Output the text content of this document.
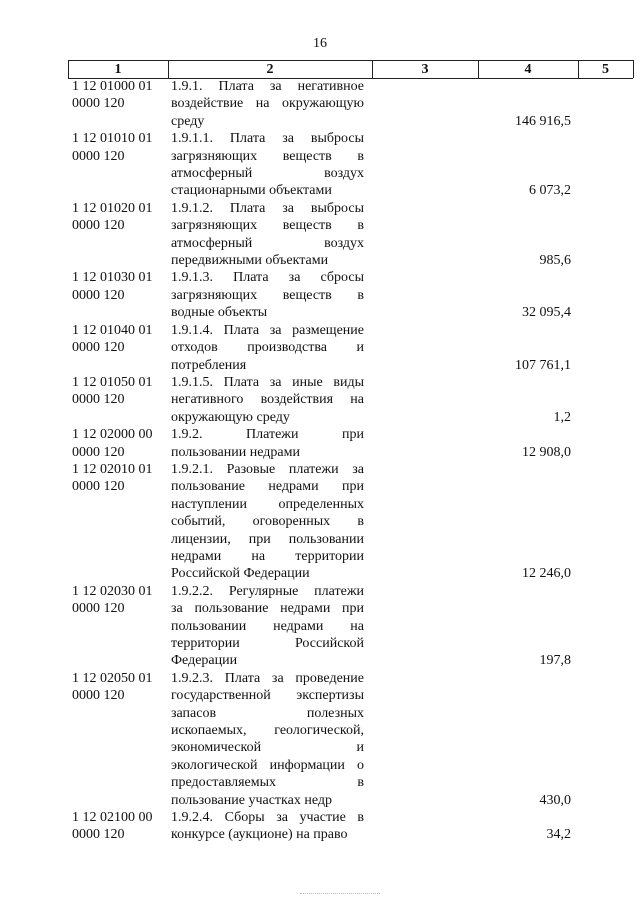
16
1	2	3	4	5
1 12 01000 01
0000 120
1.9.1. Плата за негативное
воздействие на окружающую
среду	146 916,5
1 12 01010 01
0000 120
1.9.1.1. Плата за выбросы
загрязняющих веществ в
атмосферный воздух
стационарными объектами	6 073,2
1 12 01020 01
0000 120
1.9.1.2. Плата за выбросы
загрязняющих веществ в
атмосферный воздух
передвижными объектами	985,6
1 12 01030 01
0000 120
1.9.1.3. Плата за сбросы
загрязняющих веществ в
водные объекты	32 095,4
1 12 01040 01
0000 120
1.9.1.4. Плата за размещение
отходов производства и
потребления	107 761,1
1 12 01050 01
0000 120
1.9.1.5. Плата за иные виды
негативного воздействия на
окружающую среду	1,2
1 12 02000 00
0000 120
1.9.2. Платежи при
пользовании недрами	12 908,0
1 12 02010 01
0000 120
1.9.2.1. Разовые платежи за
пользование недрами при
наступлении определенных
событий, оговоренных в
лицензии, при пользовании
недрами на территории
Российской Федерации	12 246,0
1 12 02030 01
0000 120
1.9.2.2. Регулярные платежи
за пользование недрами при
пользовании недрами на
территории Российской
Федерации	197,8
1 12 02050 01
0000 120
1.9.2.3. Плата за проведение
государственной экспертизы
запасов полезных
ископаемых, геологической,
экономической и
экологической информации о
предоставляемых в
пользование участках недр	430,0
1 12 02100 00
0000 120
1.9.2.4. Сборы за участие в
конкурсе (аукционе) на право	34,2
